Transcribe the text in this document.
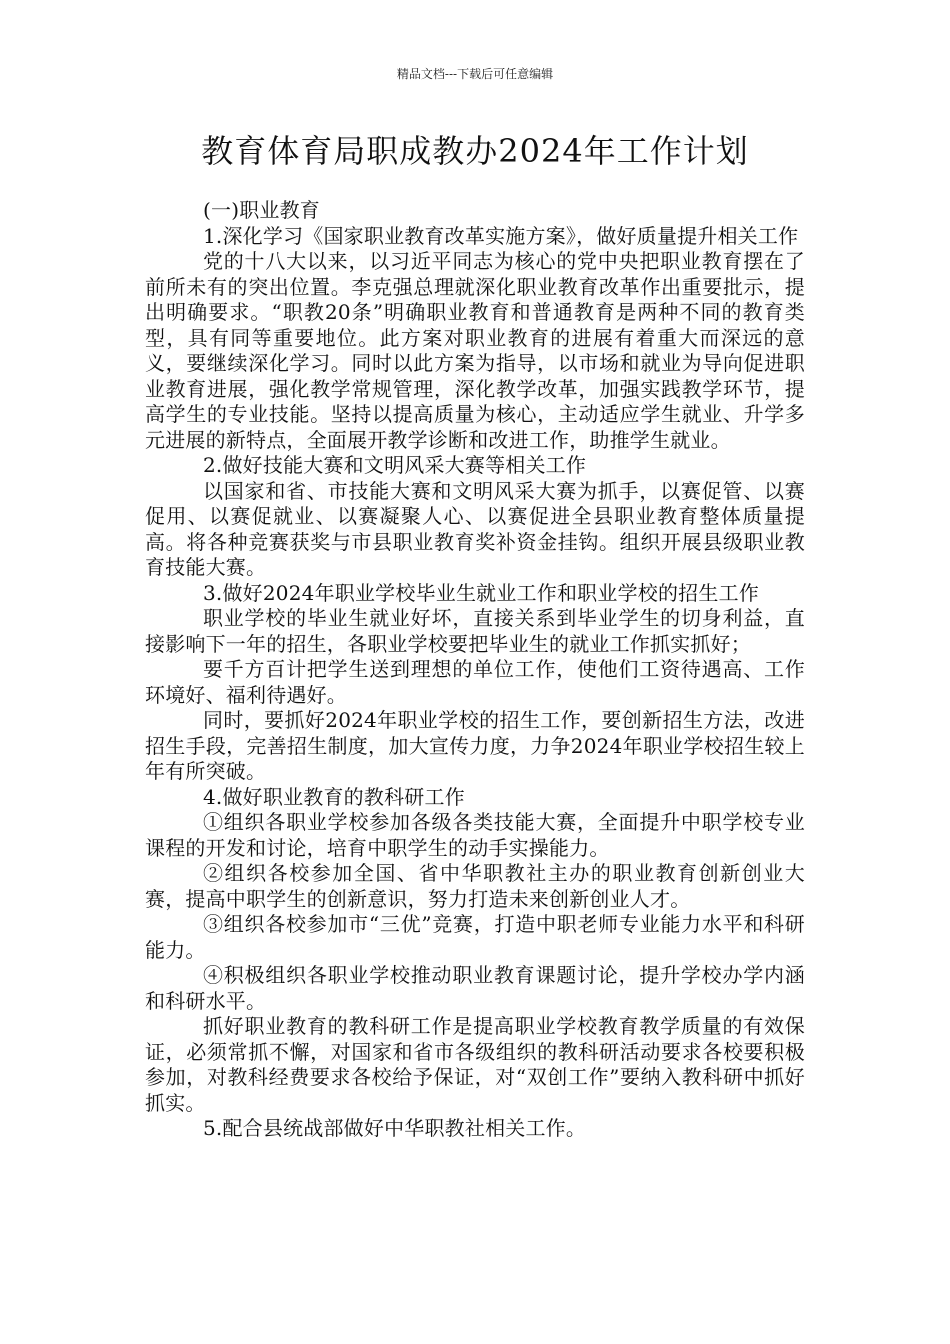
精品文档---下载后可任意编辑
教育体育局职成教办2024年工作计划

(一)职业教育

1.深化学习《国家职业教育改革实施方案》，做好质量提升相关工作

党的十八大以来，以习近平同志为核心的党中央把职业教育摆在了前所未有的突出位置。李克强总理就深化职业教育改革作出重要批示，提出明确要求。“职教20条”明确职业教育和普通教育是两种不同的教育类型，具有同等重要地位。此方案对职业教育的进展有着重大而深远的意义，要继续深化学习。同时以此方案为指导，以市场和就业为导向促进职业教育进展，强化教学常规管理，深化教学改革，加强实践教学环节，提高学生的专业技能。坚持以提高质量为核心，主动适应学生就业、升学多元进展的新特点，全面展开教学诊断和改进工作，助推学生就业。

2.做好技能大赛和文明风采大赛等相关工作

以国家和省、市技能大赛和文明风采大赛为抓手，以赛促管、以赛促用、以赛促就业、以赛凝聚人心、以赛促进全县职业教育整体质量提高。将各种竞赛获奖与市县职业教育奖补资金挂钩。组织开展县级职业教育技能大赛。

3.做好2024年职业学校毕业生就业工作和职业学校的招生工作

职业学校的毕业生就业好坏，直接关系到毕业学生的切身利益，直接影响下一年的招生，各职业学校要把毕业生的就业工作抓实抓好；

要千方百计把学生送到理想的单位工作，使他们工资待遇高、工作环境好、福利待遇好。

同时，要抓好2024年职业学校的招生工作，要创新招生方法，改进招生手段，完善招生制度，加大宣传力度，力争2024年职业学校招生较上年有所突破。

4.做好职业教育的教科研工作

①组织各职业学校参加各级各类技能大赛，全面提升中职学校专业课程的开发和讨论，培育中职学生的动手实操能力。

②组织各校参加全国、省中华职教社主办的职业教育创新创业大赛，提高中职学生的创新意识，努力打造未来创新创业人才。

③组织各校参加市“三优”竞赛，打造中职老师专业能力水平和科研能力。

④积极组织各职业学校推动职业教育课题讨论，提升学校办学内涵和科研水平。

抓好职业教育的教科研工作是提高职业学校教育教学质量的有效保证，必须常抓不懈，对国家和省市各级组织的教科研活动要求各校要积极参加，对教科经费要求各校给予保证，对“双创工作”要纳入教科研中抓好抓实。

5.配合县统战部做好中华职教社相关工作。
